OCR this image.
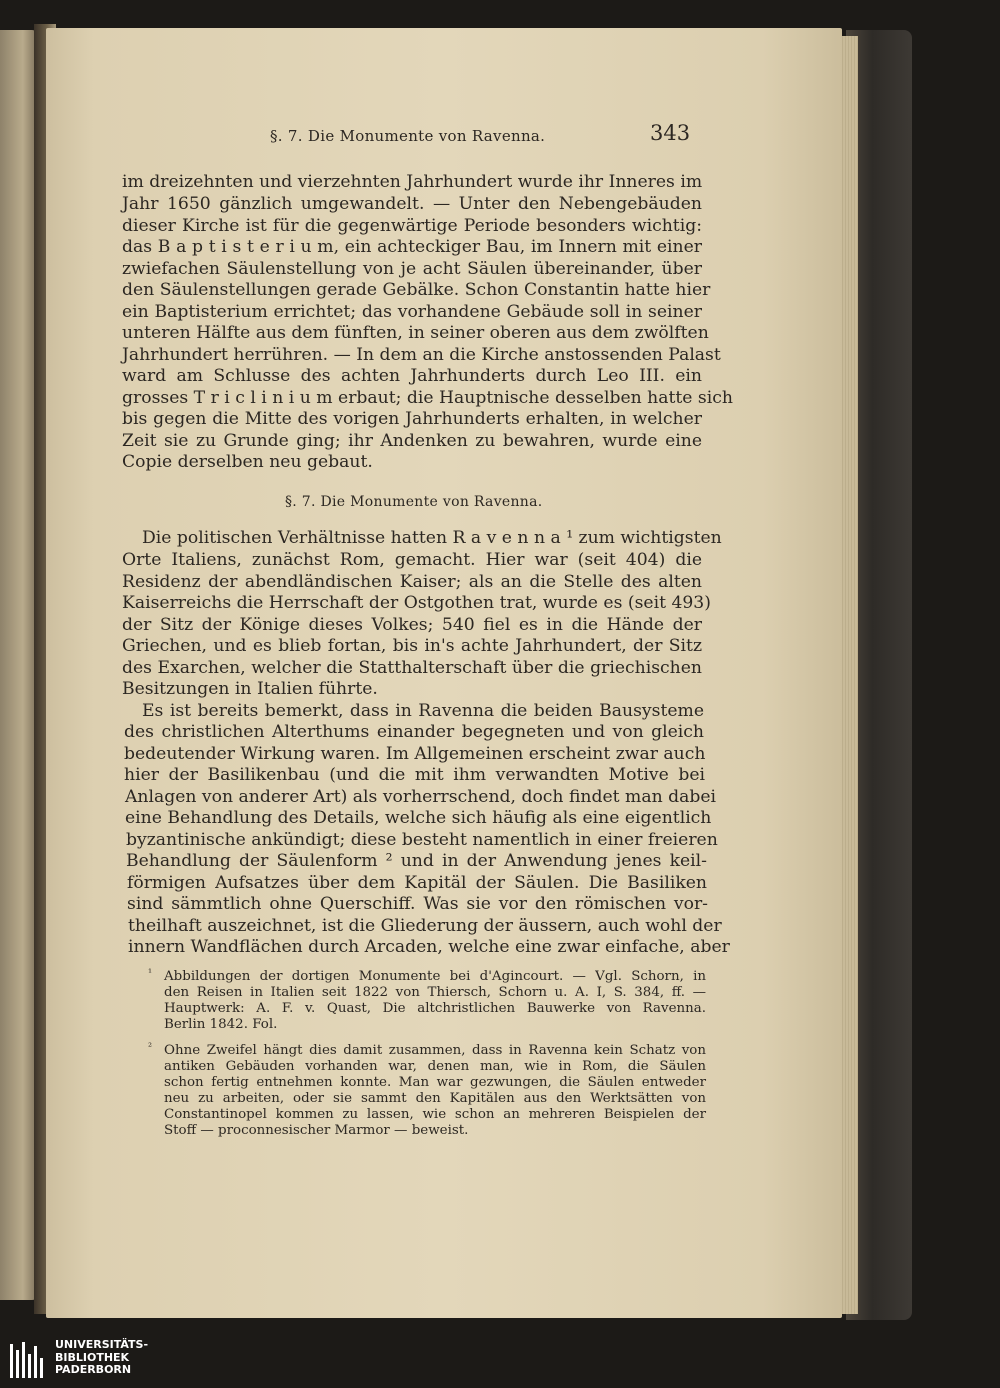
§. 7. Die Monumente von Ravenna.	343
im dreizehnten und vierzehnten Jahrhundert wurde ihr Inneres im
Jahr 1650 gänzlich umgewandelt. — Unter den Nebengebäuden
dieser Kirche ist für die gegenwärtige Periode besonders wichtig:
das B a p t i s t e r i u m, ein achteckiger Bau, im Innern mit einer
zwiefachen Säulenstellung von je acht Säulen übereinander, über
den Säulenstellungen gerade Gebälke. Schon Constantin hatte hier
ein Baptisterium errichtet; das vorhandene Gebäude soll in seiner
unteren Hälfte aus dem fünften, in seiner oberen aus dem zwölften
Jahrhundert herrühren. — In dem an die Kirche anstossenden Palast
ward am Schlusse des achten Jahrhunderts durch Leo III. ein
grosses T r i c l i n i u m erbaut; die Hauptnische desselben hatte sich
bis gegen die Mitte des vorigen Jahrhunderts erhalten, in welcher
Zeit sie zu Grunde ging; ihr Andenken zu bewahren, wurde eine
Copie derselben neu gebaut.
§. 7. Die Monumente von Ravenna.
Die politischen Verhältnisse hatten R a v e n n a ¹ zum wichtigsten
Orte Italiens, zunächst Rom, gemacht. Hier war (seit 404) die
Residenz der abendländischen Kaiser; als an die Stelle des alten
Kaiserreichs die Herrschaft der Ostgothen trat, wurde es (seit 493)
der Sitz der Könige dieses Volkes; 540 fiel es in die Hände der
Griechen, und es blieb fortan, bis in's achte Jahrhundert, der Sitz
des Exarchen, welcher die Statthalterschaft über die griechischen
Besitzungen in Italien führte.
Es ist bereits bemerkt, dass in Ravenna die beiden Bausysteme
des christlichen Alterthums einander begegneten und von gleich
bedeutender Wirkung waren. Im Allgemeinen erscheint zwar auch
hier der Basilikenbau (und die mit ihm verwandten Motive bei
Anlagen von anderer Art) als vorherrschend, doch findet man dabei
eine Behandlung des Details, welche sich häufig als eine eigentlich
byzantinische ankündigt; diese besteht namentlich in einer freieren
Behandlung der Säulenform ² und in der Anwendung jenes keil-
förmigen Aufsatzes über dem Kapitäl der Säulen. Die Basiliken
sind sämmtlich ohne Querschiff. Was sie vor den römischen vor-
theilhaft auszeichnet, ist die Gliederung der äussern, auch wohl der
innern Wandflächen durch Arcaden, welche eine zwar einfache, aber
¹ Abbildungen der dortigen Monumente bei d'Agincourt. — Vgl. Schorn, in
den Reisen in Italien seit 1822 von Thiersch, Schorn u. A. I, S. 384, ff. —
Hauptwerk: A. F. v. Quast, Die altchristlichen Bauwerke von Ravenna.
Berlin 1842. Fol.
² Ohne Zweifel hängt dies damit zusammen, dass in Ravenna kein Schatz von
antiken Gebäuden vorhanden war, denen man, wie in Rom, die Säulen
schon fertig entnehmen konnte. Man war gezwungen, die Säulen entweder
neu zu arbeiten, oder sie sammt den Kapitälen aus den Werktsätten von
Constantinopel kommen zu lassen, wie schon an mehreren Beispielen der
Stoff — proconnesischer Marmor — beweist.
UNIVERSITÄTS-
BIBLIOTHEK
PADERBORN
